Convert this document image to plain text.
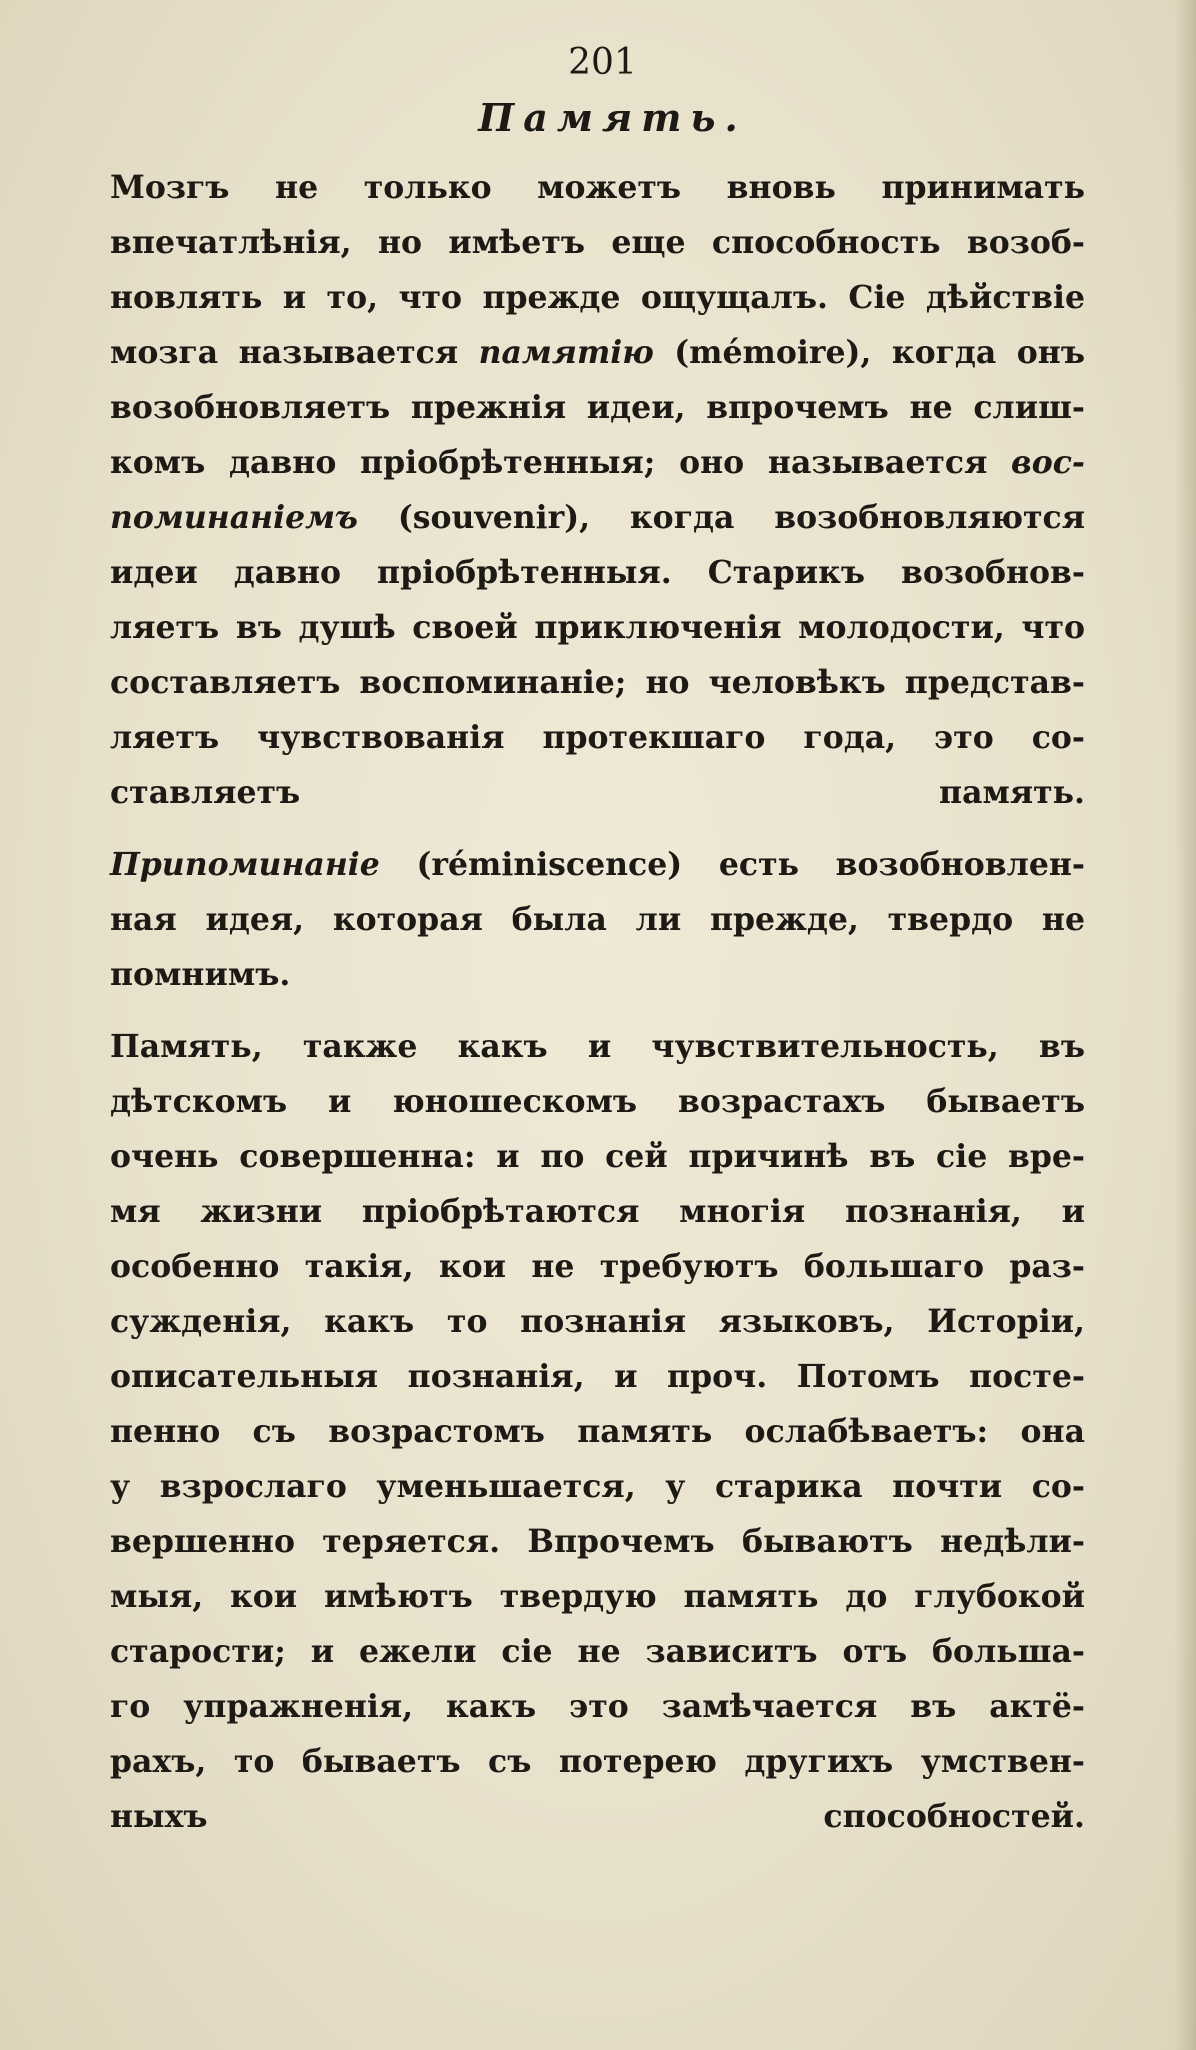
201
Память.
Мозгъ не только можетъ вновь принимать
впечатлѣнія, но имѣетъ еще способность возоб-
новлять и то, что прежде ощущалъ. Сіе дѣйствіе
мозга называется памятію (mémoire), когда онъ
возобновляетъ прежнія идеи, впрочемъ не слиш-
комъ давно пріобрѣтенныя; оно называется вос-
поминаніемъ (souvenir), когда возобновляются
идеи давно пріобрѣтенныя. Старикъ возобнов-
ляетъ въ душѣ своей приключенія молодости, что
составляетъ воспоминаніе; но человѣкъ представ-
ляетъ чувствованія протекшаго года, это со-
ставляетъ память.
Припоминаніе (réminiscence) есть возобновлен-
ная идея, которая была ли прежде, твердо не
помнимъ.
Память, также какъ и чувствительность, въ
дѣтскомъ и юношескомъ возрастахъ бываетъ
очень совершенна: и по сей причинѣ въ сіе вре-
мя жизни пріобрѣтаются многія познанія, и
особенно такія, кои не требуютъ большаго раз-
сужденія, какъ то познанія языковъ, Исторіи,
описательныя познанія, и проч. Потомъ посте-
пенно съ возрастомъ память ослабѣваетъ: она
у взрослаго уменьшается, у старика почти со-
вершенно теряется. Впрочемъ бываютъ недѣли-
мыя, кои имѣютъ твердую память до глубокой
старости; и ежели сіе не зависитъ отъ больша-
го упражненія, какъ это замѣчается въ актё-
рахъ, то бываетъ съ потерею другихъ умствен-
ныхъ способностей.
